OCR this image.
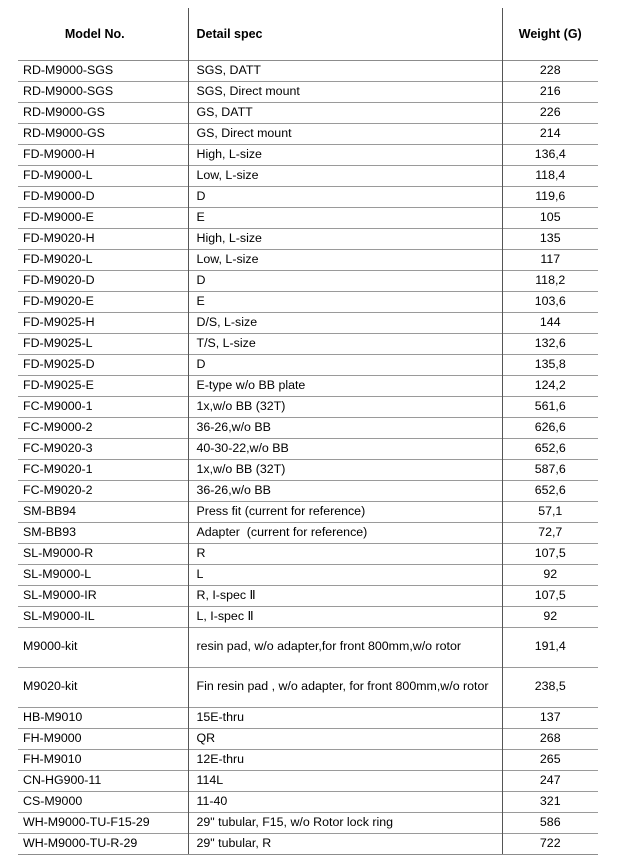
Model No.	Detail spec	Weight (G)
RD-M9000-SGS	SGS, DATT	228
RD-M9000-SGS	SGS, Direct mount	216
RD-M9000-GS	GS, DATT	226
RD-M9000-GS	GS, Direct mount	214
FD-M9000-H	High, L-size	136,4
FD-M9000-L	Low, L-size	118,4
FD-M9000-D	D	119,6
FD-M9000-E	E	105
FD-M9020-H	High, L-size	135
FD-M9020-L	Low, L-size	117
FD-M9020-D	D	118,2
FD-M9020-E	E	103,6
FD-M9025-H	D/S, L-size	144
FD-M9025-L	T/S, L-size	132,6
FD-M9025-D	D	135,8
FD-M9025-E	E-type w/o BB plate	124,2
FC-M9000-1	1x,w/o BB (32T)	561,6
FC-M9000-2	36-26,w/o BB	626,6
FC-M9020-3	40-30-22,w/o BB	652,6
FC-M9020-1	1x,w/o BB (32T)	587,6
FC-M9020-2	36-26,w/o BB	652,6
SM-BB94	Press fit (current for reference)	57,1
SM-BB93	Adapter  (current for reference)	72,7
SL-M9000-R	R	107,5
SL-M9000-L	L	92
SL-M9000-IR	R, I-spec Ⅱ	107,5
SL-M9000-IL	L, I-spec Ⅱ	92
M9000-kit	resin pad, w/o adapter,for front 800mm,w/o rotor	191,4
M9020-kit	Fin resin pad , w/o adapter, for front 800mm,w/o rotor	238,5
HB-M9010	15E-thru	137
FH-M9000	QR	268
FH-M9010	12E-thru	265
CN-HG900-11	114L	247
CS-M9000	11-40	321
WH-M9000-TU-F15-29	29" tubular, F15, w/o Rotor lock ring	586
WH-M9000-TU-R-29	29" tubular, R	722
